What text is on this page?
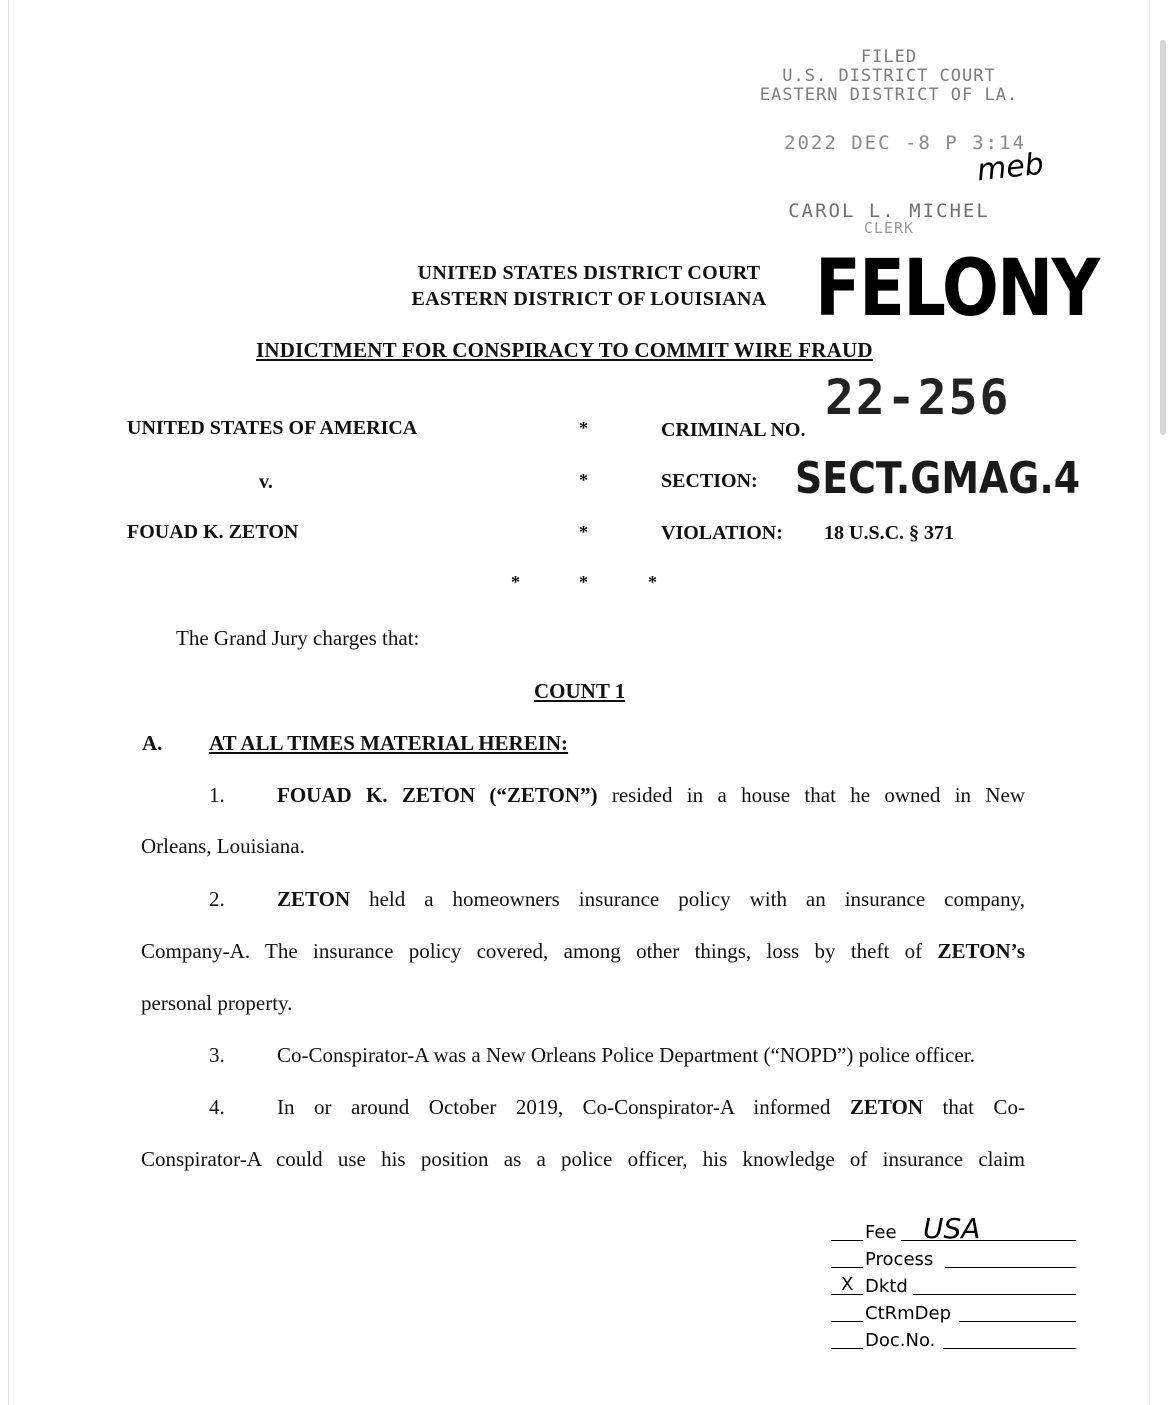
FILED
U.S. DISTRICT COURT
EASTERN DISTRICT OF LA.
2022 DEC -8 P 3:14
meb
CAROL L. MICHEL
CLERK
UNITED STATES DISTRICT COURT
EASTERN DISTRICT OF LOUISIANA FELONY
INDICTMENT FOR CONSPIRACY TO COMMIT WIRE FRAUD
UNITED STATES OF AMERICA
v.
FOUAD K. ZETON
*
*
*
*	*	*
CRIMINAL NO.
22-256
SECTION: SECT.GMAG.4
VIOLATION: 18 U.S.C. § 371
The Grand Jury charges that:
COUNT 1
A. AT ALL TIMES MATERIAL HEREIN:
1. FOUAD K. ZETON (“ZETON”) resided in a house that he owned in New
Orleans, Louisiana.
2. ZETON held a homeowners insurance policy with an insurance company,
Company-A. The insurance policy covered, among other things, loss by theft of ZETON’s
personal property.
3. Co-Conspirator-A was a New Orleans Police Department (“NOPD”) police officer.
4. In or around October 2019, Co-Conspirator-A informed ZETON that Co-
Conspirator-A could use his position as a police officer, his knowledge of insurance claim
Fee USA
Process
X Dktd
CtRmDep
Doc.No.
